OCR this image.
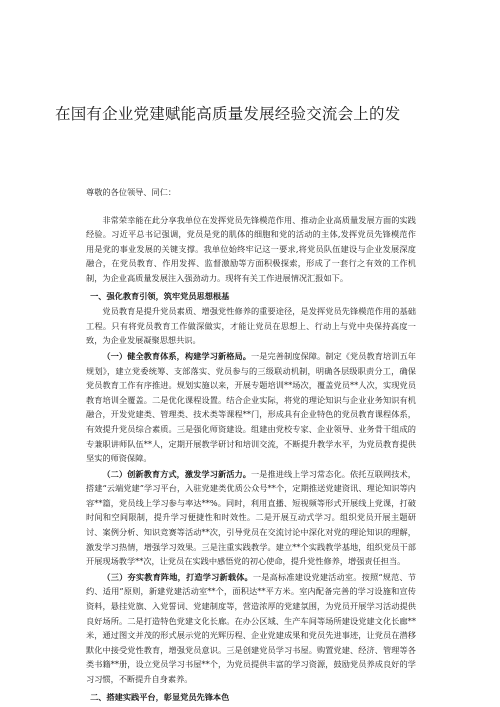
在国有企业党建赋能高质量发展经验交流会上的发

尊敬的各位领导、同仁：

非常荣幸能在此分享我单位在发挥党员先锋模范作用、推动企业高质量发展方面的实践经验。习近平总书记强调，党员是党的肌体的细胞和党的活动的主体,发挥党员先锋模范作用是党的事业发展的关键支撑。我单位始终牢记这一要求,将党员队伍建设与企业发展深度融合，在党员教育、作用发挥、监督激励等方面积极探索，形成了一套行之有效的工作机制，为企业高质量发展注入强劲动力。现将有关工作进展情况汇报如下。

一、强化教育引领，筑牢党员思想根基

党员教育是提升党员素质、增强党性修养的重要途径，是发挥党员先锋模范作用的基础工程。只有将党员教育工作做深做实，才能让党员在思想上、行动上与党中央保持高度一致，为企业发展凝聚思想共识。

（一）健全教育体系，构建学习新格局。一是完善制度保障。制定《党员教育培训五年规划》，建立党委统筹、支部落实、党员参与的三级联动机制，明确各层级职责分工，确保党员教育工作有序推进。规划实施以来，开展专题培训**场次，覆盖党员**人次，实现党员教育培训全覆盖。二是优化课程设置。结合企业实际，将党的理论知识与企业业务知识有机融合，开发党建类、管理类、技术类等课程**门，形成具有企业特色的党员教育课程体系，有效提升党员综合素质。三是强化师资建设。组建由党校专家、企业领导、业务骨干组成的专兼职讲师队伍**人，定期开展教学研讨和培训交流，不断提升教学水平，为党员教育提供坚实的师资保障。

（二）创新教育方式，激发学习新活力。一是推进线上学习常态化。依托互联网技术，搭建“云端党建”学习平台，入驻党建类优质公众号**个，定期推送党建资讯、理论知识等内容**篇，党员线上学习参与率达**%。同时，利用直播、短视频等形式开展线上党课，打破时间和空间限制，提升学习便捷性和时效性。二是开展互动式学习。组织党员开展主题研讨、案例分析、知识竞赛等活动**次，引导党员在交流讨论中深化对党的理论知识的理解，激发学习热情，增强学习效果。三是注重实践教学。建立**个实践教学基地，组织党员干部开展现场教学**次，让党员在实践中感悟党的初心使命，提升党性修养，增强责任担当。

（三）夯实教育阵地，打造学习新载体。一是高标准建设党建活动室。按照“规范、节约、适用”原则，新建党建活动室**个，面积达**平方米。室内配备完善的学习设施和宣传资料，悬挂党旗、入党誓词、党建制度等，营造浓厚的党建氛围，为党员开展学习活动提供良好场所。二是打造特色党建文化长廊。在办公区域、生产车间等场所建设党建文化长廊**米，通过图文并茂的形式展示党的光辉历程、企业党建成果和党员先进事迹，让党员在潜移默化中接受党性教育，增强党员意识。三是创建党员学习书屋。购置党建、经济、管理等各类书籍**册，设立党员学习书屋**个，为党员提供丰富的学习资源，鼓励党员养成良好的学习习惯，不断提升自身素养。

二、搭建实践平台，彰显党员先锋本色
